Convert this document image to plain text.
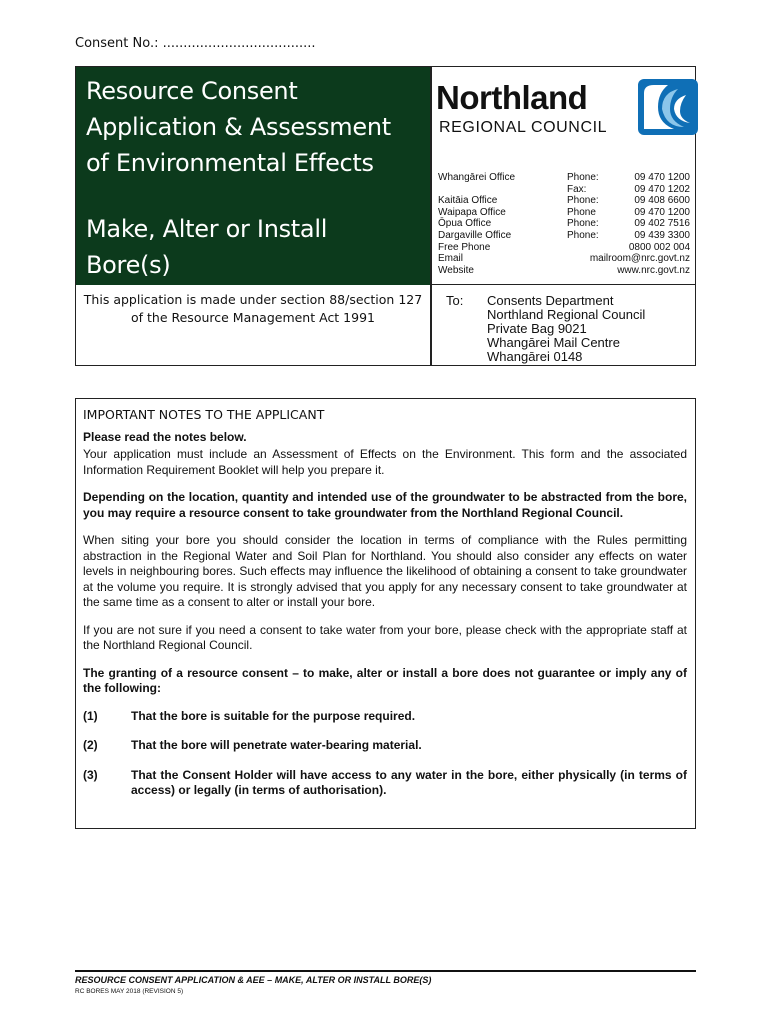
Consent No.: .....................................
Resource Consent
Application & Assessment
of Environmental Effects
Make, Alter or Install
Bore(s)
This application is made under section 88/section 127 of the Resource Management Act 1991
Northland
REGIONAL COUNCIL
Whangārei Office	Phone:	09 470 1200
Fax:	09 470 1202
Kaitāia Office	Phone:	09 408 6600
Waipapa Office	Phone	09 470 1200
Ōpua Office	Phone:	09 402 7516
Dargaville Office	Phone:	09 439 3300
Free Phone	0800 002 004
Email	mailroom@nrc.govt.nz
Website	www.nrc.govt.nz
To: Consents Department
Northland Regional Council
Private Bag 9021
Whangārei Mail Centre
Whangārei 0148
IMPORTANT NOTES TO THE APPLICANT
Please read the notes below.
Your application must include an Assessment of Effects on the Environment. This form and the associated Information Requirement Booklet will help you prepare it.
Depending on the location, quantity and intended use of the groundwater to be abstracted from the bore, you may require a resource consent to take groundwater from the Northland Regional Council.
When siting your bore you should consider the location in terms of compliance with the Rules permitting abstraction in the Regional Water and Soil Plan for Northland. You should also consider any effects on water levels in neighbouring bores. Such effects may influence the likelihood of obtaining a consent to take groundwater at the volume you require. It is strongly advised that you apply for any necessary consent to take groundwater at the same time as a consent to alter or install your bore.
If you are not sure if you need a consent to take water from your bore, please check with the appropriate staff at the Northland Regional Council.
The granting of a resource consent – to make, alter or install a bore does not guarantee or imply any of the following:
(1)	That the bore is suitable for the purpose required.
(2)	That the bore will penetrate water-bearing material.
(3)	That the Consent Holder will have access to any water in the bore, either physically (in terms of access) or legally (in terms of authorisation).
RESOURCE CONSENT APPLICATION & AEE – MAKE, ALTER OR INSTALL BORE(S)
RC BORES MAY 2018 (REVISION 5)
